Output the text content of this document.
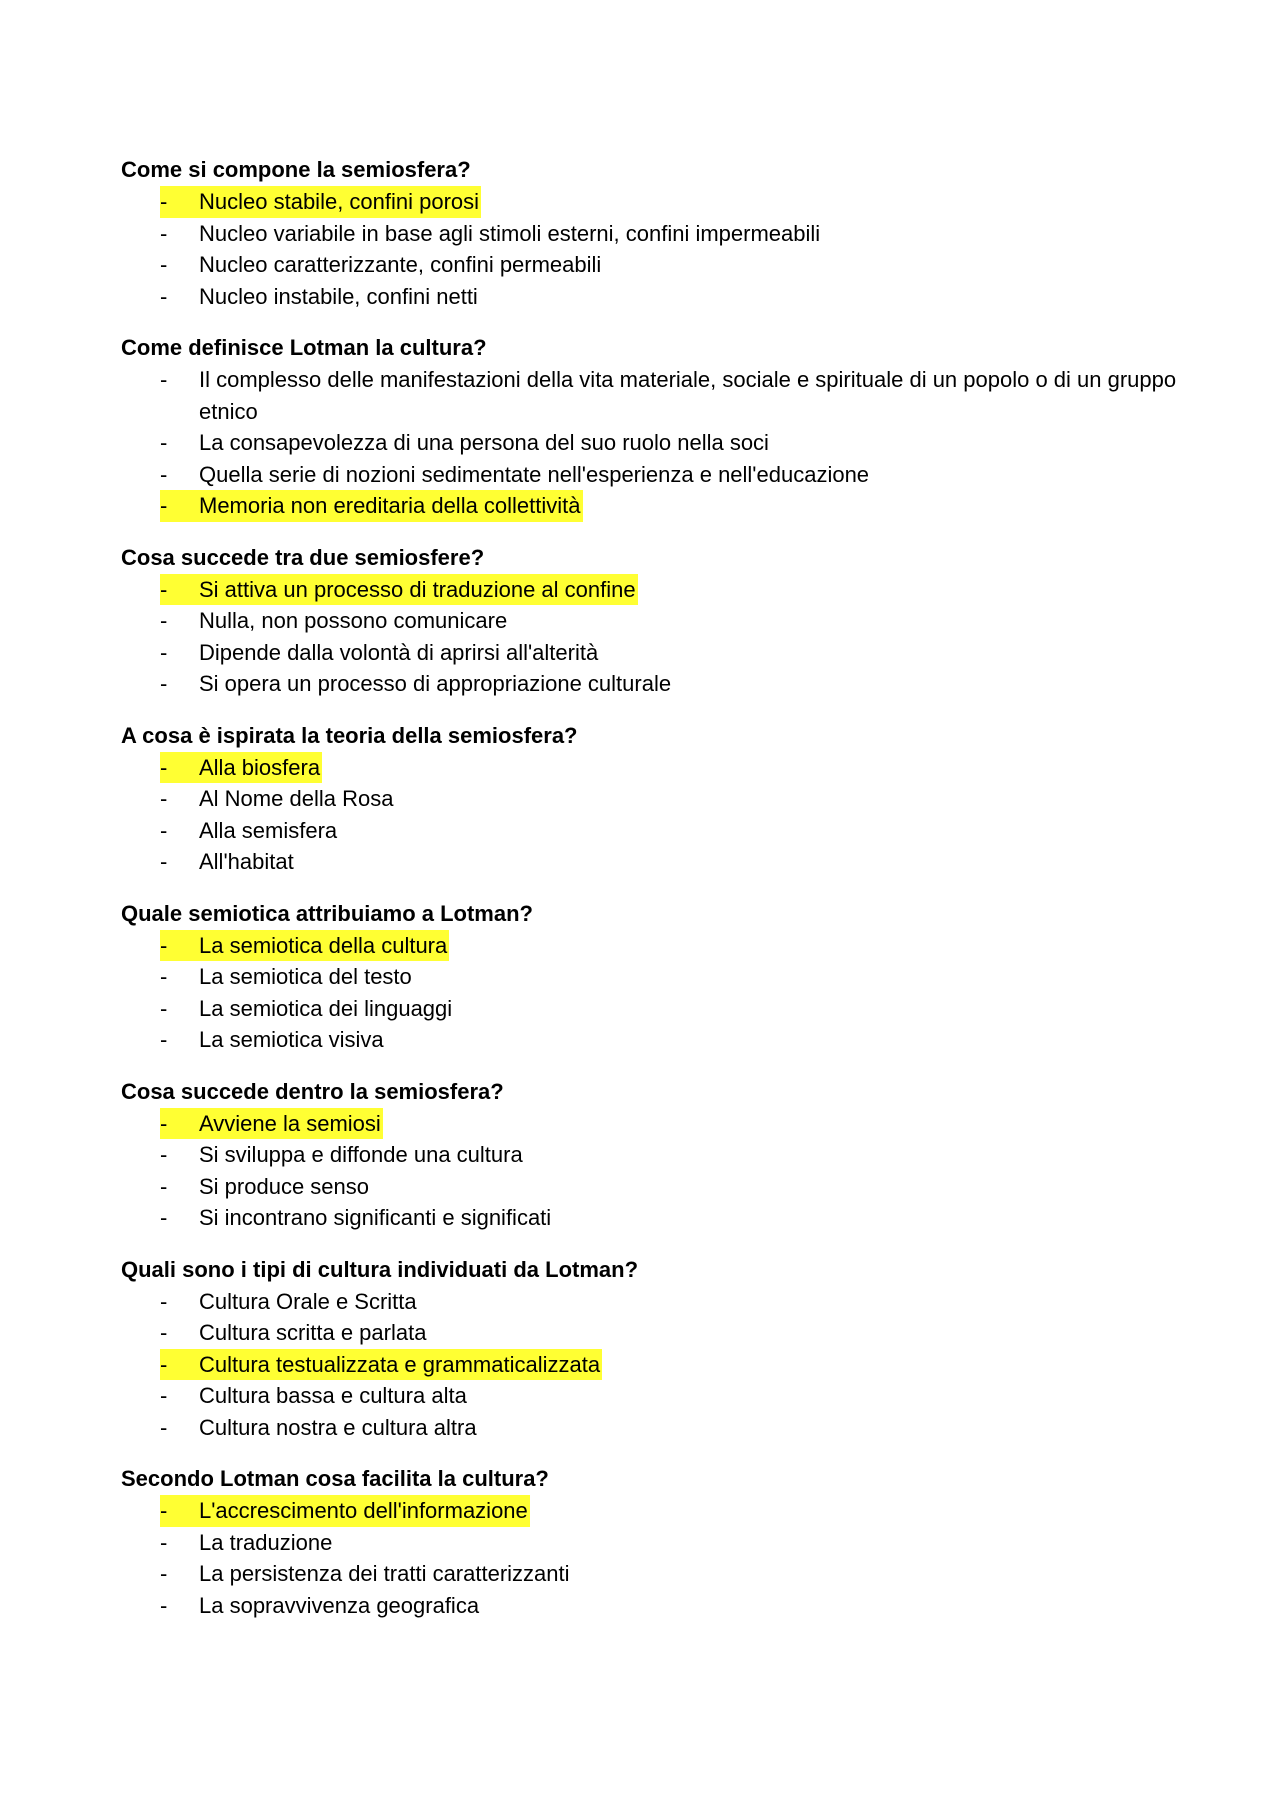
Come si compone la semiosfera?

-	Nucleo stabile, confini porosi
-	Nucleo variabile in base agli stimoli esterni, confini impermeabili
-	Nucleo caratterizzante, confini permeabili
-	Nucleo instabile, confini netti

Come definisce Lotman la cultura?

-	Il complesso delle manifestazioni della vita materiale, sociale e spirituale di un popolo o di un gruppo etnico
-	La consapevolezza di una persona del suo ruolo nella soci
-	Quella serie di nozioni sedimentate nell'esperienza e nell'educazione
-	Memoria non ereditaria della collettività

Cosa succede tra due semiosfere?

-	Si attiva un processo di traduzione al confine
-	Nulla, non possono comunicare
-	Dipende dalla volontà di aprirsi all'alterità
-	Si opera un processo di appropriazione culturale

A cosa è ispirata la teoria della semiosfera?

-	Alla biosfera
-	Al Nome della Rosa
-	Alla semisfera
-	All'habitat

Quale semiotica attribuiamo a Lotman?

-	La semiotica della cultura
-	La semiotica del testo
-	La semiotica dei linguaggi
-	La semiotica visiva

Cosa succede dentro la semiosfera?

-	Avviene la semiosi
-	Si sviluppa e diffonde una cultura
-	Si produce senso
-	Si incontrano significanti e significati

Quali sono i tipi di cultura individuati da Lotman?

-	Cultura Orale e Scritta
-	Cultura scritta e parlata
-	Cultura testualizzata e grammaticalizzata
-	Cultura bassa e cultura alta
-	Cultura nostra e cultura altra

Secondo Lotman cosa facilita la cultura?

-	L'accrescimento dell'informazione
-	La traduzione
-	La persistenza dei tratti caratterizzanti
-	La sopravvivenza geografica
